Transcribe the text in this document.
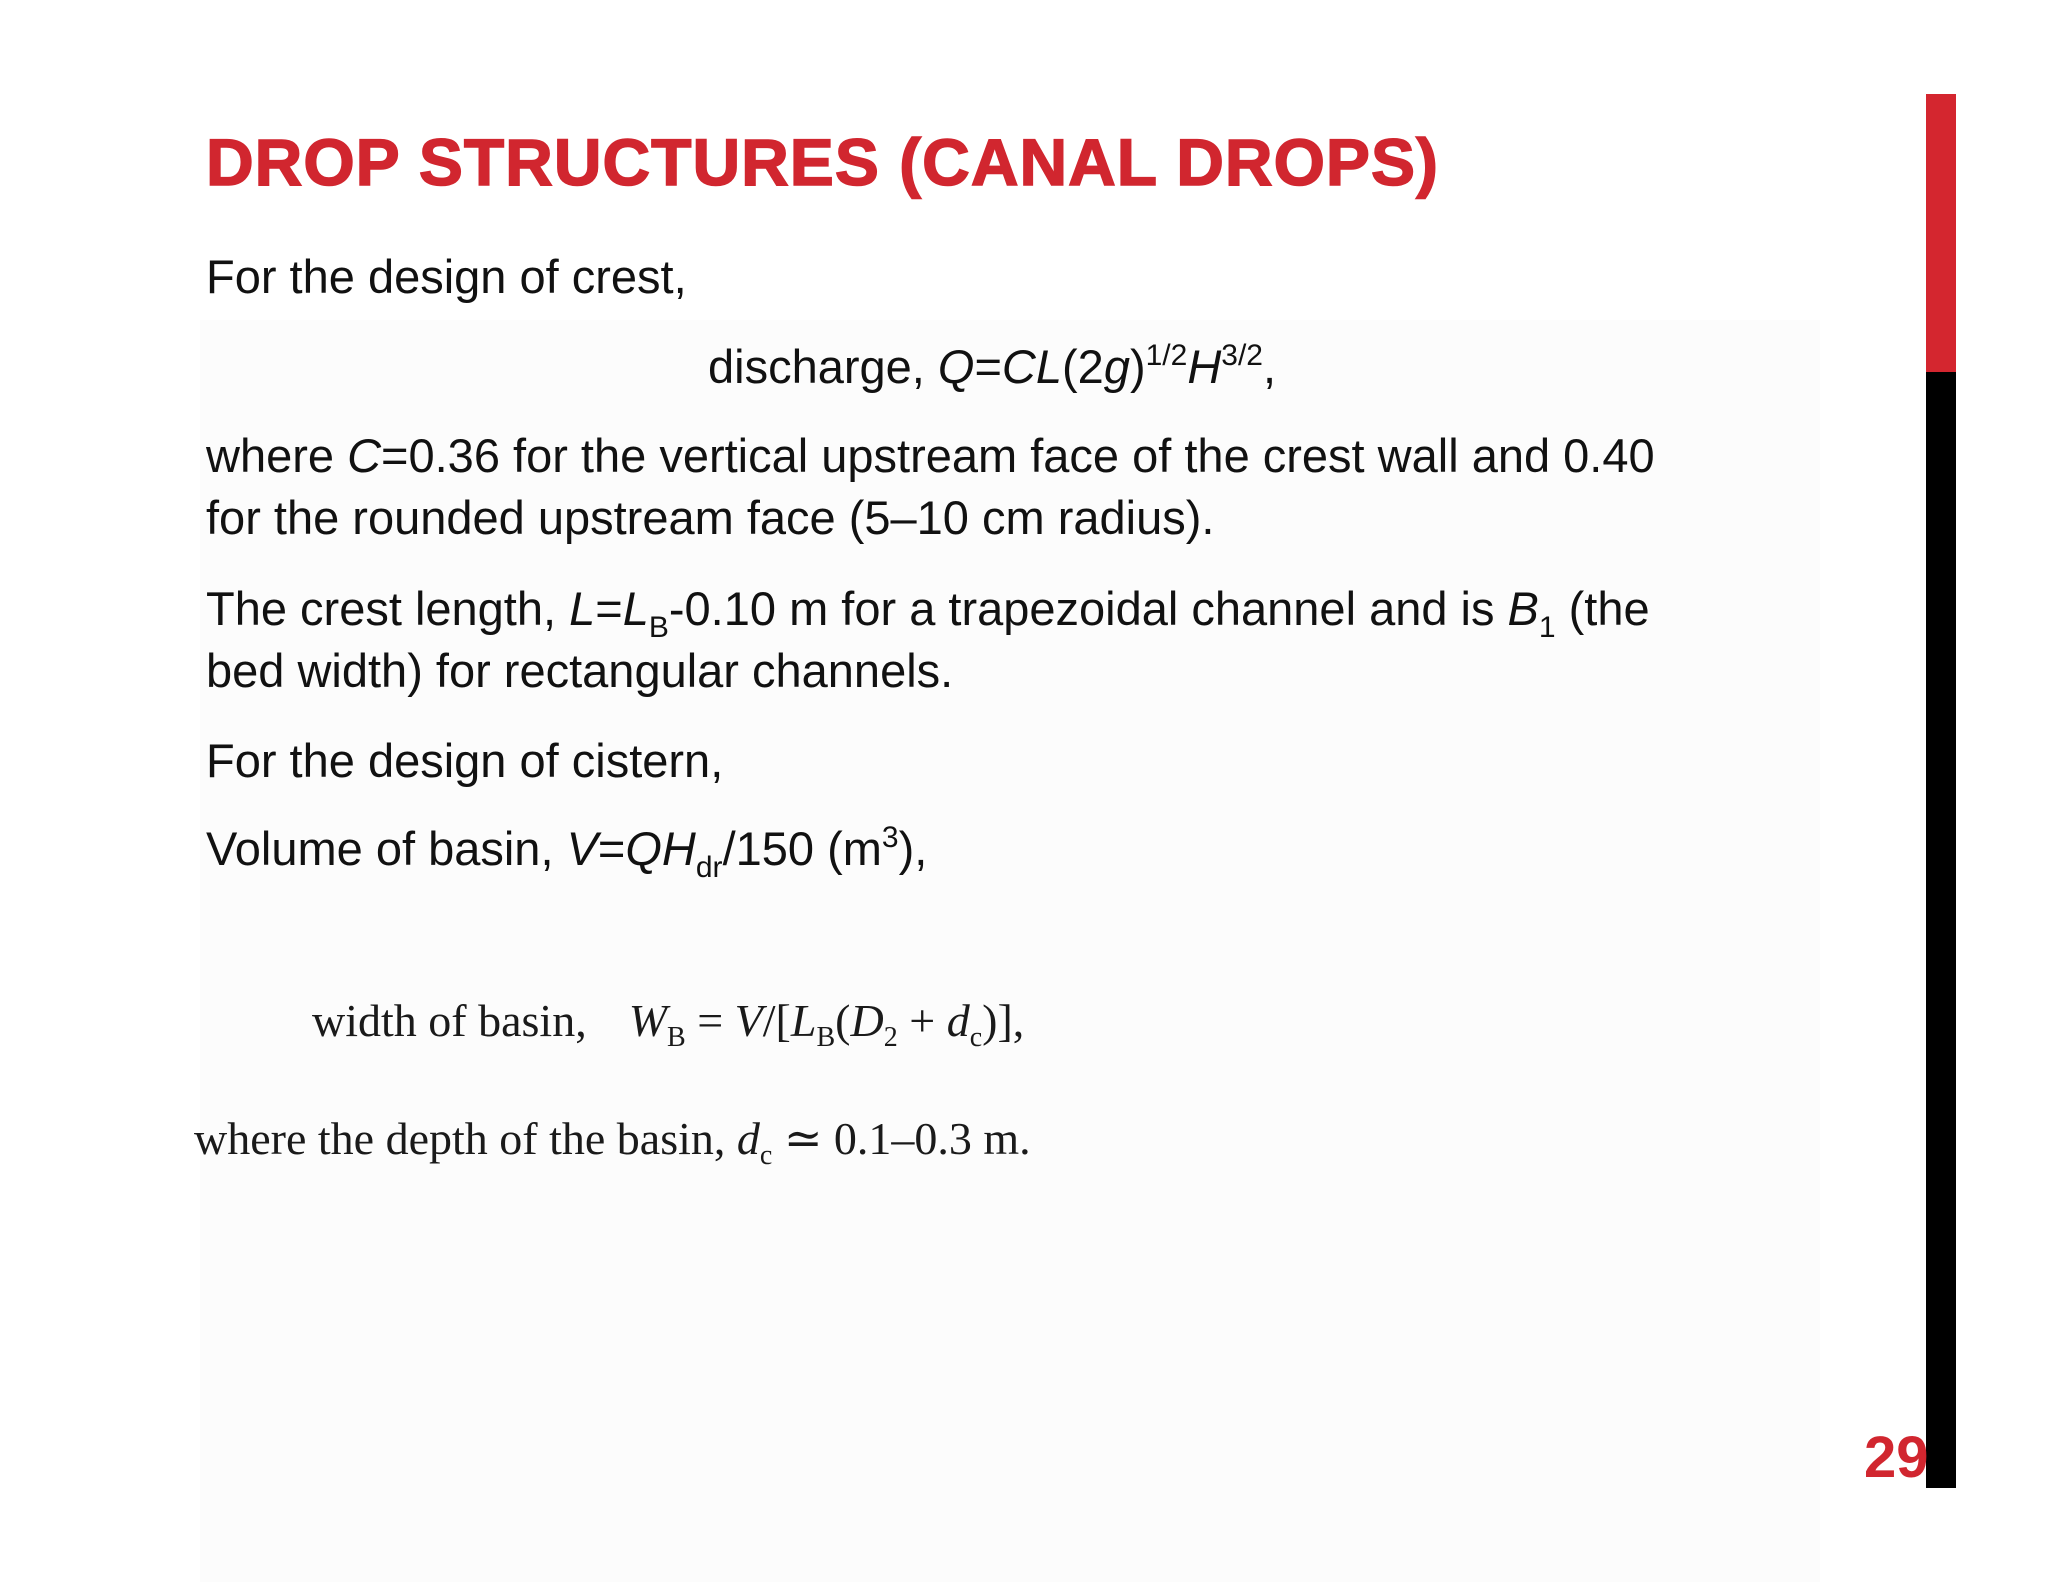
DROP STRUCTURES (CANAL DROPS)

For the design of crest,

discharge, $Q=CL(2g)^{1/2}H^{3/2}$,

where C=0.36 for the vertical upstream face of the crest wall and 0.40

for the rounded upstream face (5–10 cm radius).

The crest length, $L=L_B-0.10$ m for a trapezoidal channel and is $B_1$ (the

bed width) for rectangular channels.

For the design of cistern,

Volume of basin, $V=QH_{dr}/150$ $(m^3)$,

width of basin, $W_B = V/[L_B(D_2 + d_c)]$,

where the depth of the basin, $d_c$ ≃ 0.1–0.3 m.

29
